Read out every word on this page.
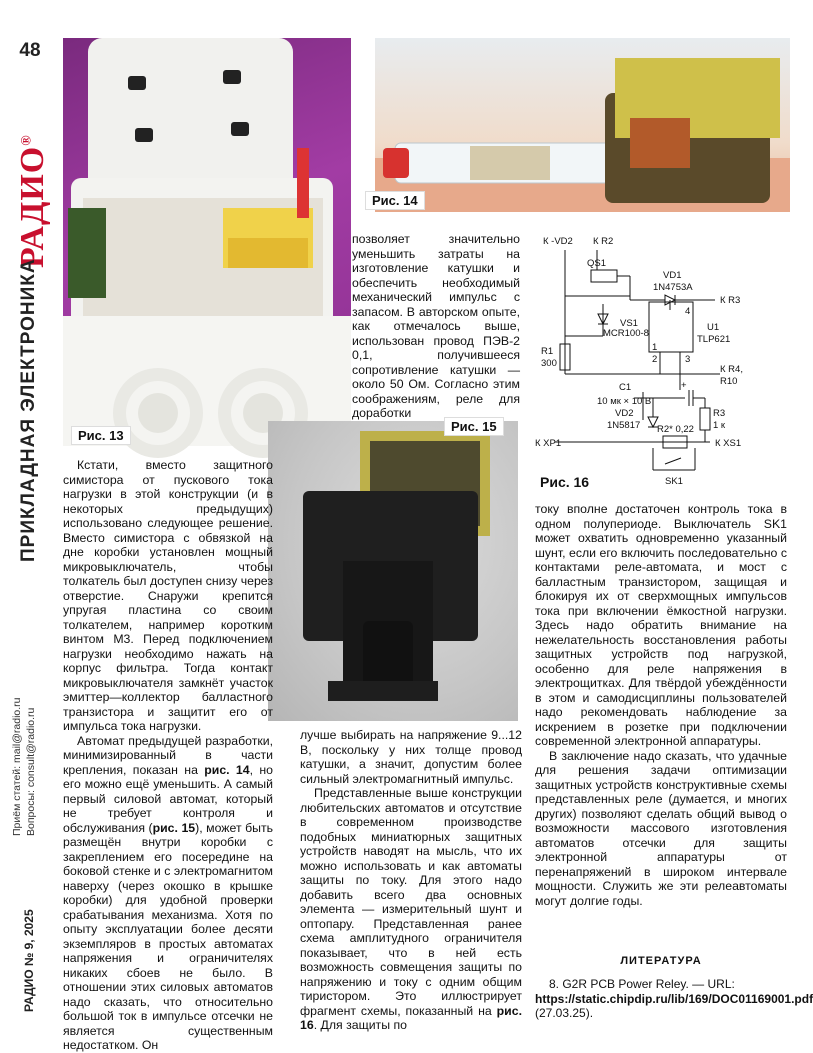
48
РАДИО®
ПРИКЛАДНАЯ ЭЛЕКТРОНИКА
Приём статей: mail@radio.ru Вопросы: consult@radio.ru
РАДИО № 9, 2025
Рис. 13
Рис. 14
Рис. 15

позволяет значительно уменьшить затраты на изготовление катушки и обеспечить необходимый механический импульс с запасом. В авторском опыте, как отмечалось выше, использован провод ПЭВ-2 0,1, получившееся сопротивление катушки — около 50 Ом. Согласно этим соображениям, реле для доработки

К -VD2 К R2
QS1
VD1
1N4753A
К R3
VS1
MCR100-8
U1
TLP621
R1
300
1
2	3
4
К R4,
R10
C1
10 мк × 10 В
+
VD2
1N5817
R3
1 к
R2* 0,22
К XP1	К XS1
SK1
Рис. 16

Кстати, вместо защитного симистора от пускового тока нагрузки в этой конструкции (и в некоторых предыдущих) использовано следующее решение. Вместо симистора с обвязкой на дне коробки установлен мощный микровыключатель, чтобы толкатель был доступен снизу через отверстие. Снаружи крепится упругая пластина со своим толкателем, например коротким винтом М3. Перед подключением нагрузки необходимо нажать на корпус фильтра. Тогда контакт микровыключателя замкнёт участок эмиттер—коллектор балластного транзистора и защитит его от импульса тока нагрузки.

Автомат предыдущей разработки, минимизированный в части крепления, показан на рис. 14, но его можно ещё уменьшить. А самый первый силовой автомат, который не требует контроля и обслуживания (рис. 15), может быть размещён внутри коробки с закреплением его посередине на боковой стенке и с электромагнитом наверху (через окошко в крышке коробки) для удобной проверки срабатывания механизма. Хотя по опыту эксплуатации более десяти экземпляров в простых автоматах напряжения и ограничителях никаких сбоев не было. В отношении этих силовых автоматов надо сказать, что относительно большой ток в импульсе отсечки не является существенным недостатком. Он

лучше выбирать на напряжение 9...12 В, поскольку у них толще провод катушки, а значит, допустим более сильный электромагнитный импульс.

Представленные выше конструкции любительских автоматов и отсутствие в современном производстве подобных миниатюрных защитных устройств наводят на мысль, что их можно использовать и как автоматы защиты по току. Для этого надо добавить всего два основных элемента — измерительный шунт и оптопару. Представленная ранее схема амплитудного ограничителя показывает, что в ней есть возможность совмещения защиты по напряжению и току с одним общим тиристором. Это иллюстрирует фрагмент схемы, показанный на рис. 16. Для защиты по

току вполне достаточен контроль тока в одном полупериоде. Выключатель SK1 может охватить одновременно указанный шунт, если его включить последовательно с контактами реле-автомата, и мост с балластным транзистором, защищая и блокируя их от сверхмощных импульсов тока при включении ёмкостной нагрузки. Здесь надо обратить внимание на нежелательность восстановления работы защитных устройств под нагрузкой, особенно для реле напряжения в электрощитках. Для твёрдой убеждённости в этом и самодисциплины пользователей надо рекомендовать наблюдение за искрением в розетке при подключении современной электронной аппаратуры.

В заключение надо сказать, что удачные для решения задачи оптимизации защитных устройств конструктивные схемы представленных реле (думается, и многих других) позволяют сделать общий вывод о возможности массового изготовления автоматов отсечки для защиты электронной аппаратуры от перенапряжений в широком интервале мощности. Служить же эти релеавтоматы могут долгие годы.

ЛИТЕРАТУРА
8. G2R PCB Power Reley. — URL: https://static.chipdip.ru/lib/169/DOC01169001.pdf (27.03.25).
